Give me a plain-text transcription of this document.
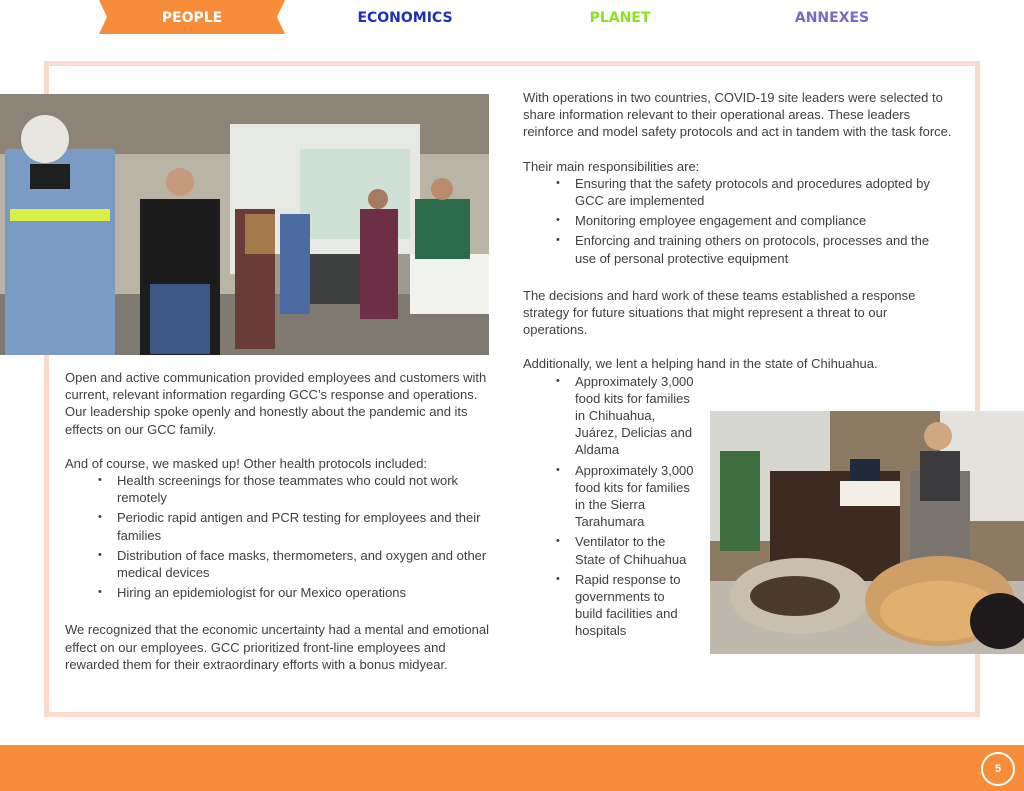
PEOPLE	ECONOMICS	PLANET	ANNEXES

Open and active communication provided employees and customers with current, relevant information regarding GCC’s response and operations. Our leadership spoke openly and honestly about the pandemic and its effects on our GCC family.

And of course, we masked up! Other health protocols included:

• Health screenings for those teammates who could not work remotely
• Periodic rapid antigen and PCR testing for employees and their families
• Distribution of face masks, thermometers, and oxygen and other medical devices
• Hiring an epidemiologist for our Mexico operations

We recognized that the economic uncertainty had a mental and emotional effect on our employees. GCC prioritized front-line employees and rewarded them for their extraordinary efforts with a bonus midyear.

With operations in two countries, COVID-19 site leaders were selected to share information relevant to their operational areas. These leaders reinforce and model safety protocols and act in tandem with the task force.

Their main responsibilities are:

• Ensuring that the safety protocols and procedures adopted by GCC are implemented
• Monitoring employee engagement and compliance
• Enforcing and training others on protocols, processes and the use of personal protective equipment

The decisions and hard work of these teams established a response strategy for future situations that might represent a threat to our operations.

Additionally, we lent a helping hand in the state of Chihuahua.

• Approximately 3,000 food kits for families in Chihuahua, Juárez, Delicias and Aldama
• Approximately 3,000 food kits for families in the Sierra Tarahumara
• Ventilator to the State of Chihuahua
• Rapid response to governments to build facilities and hospitals
5
